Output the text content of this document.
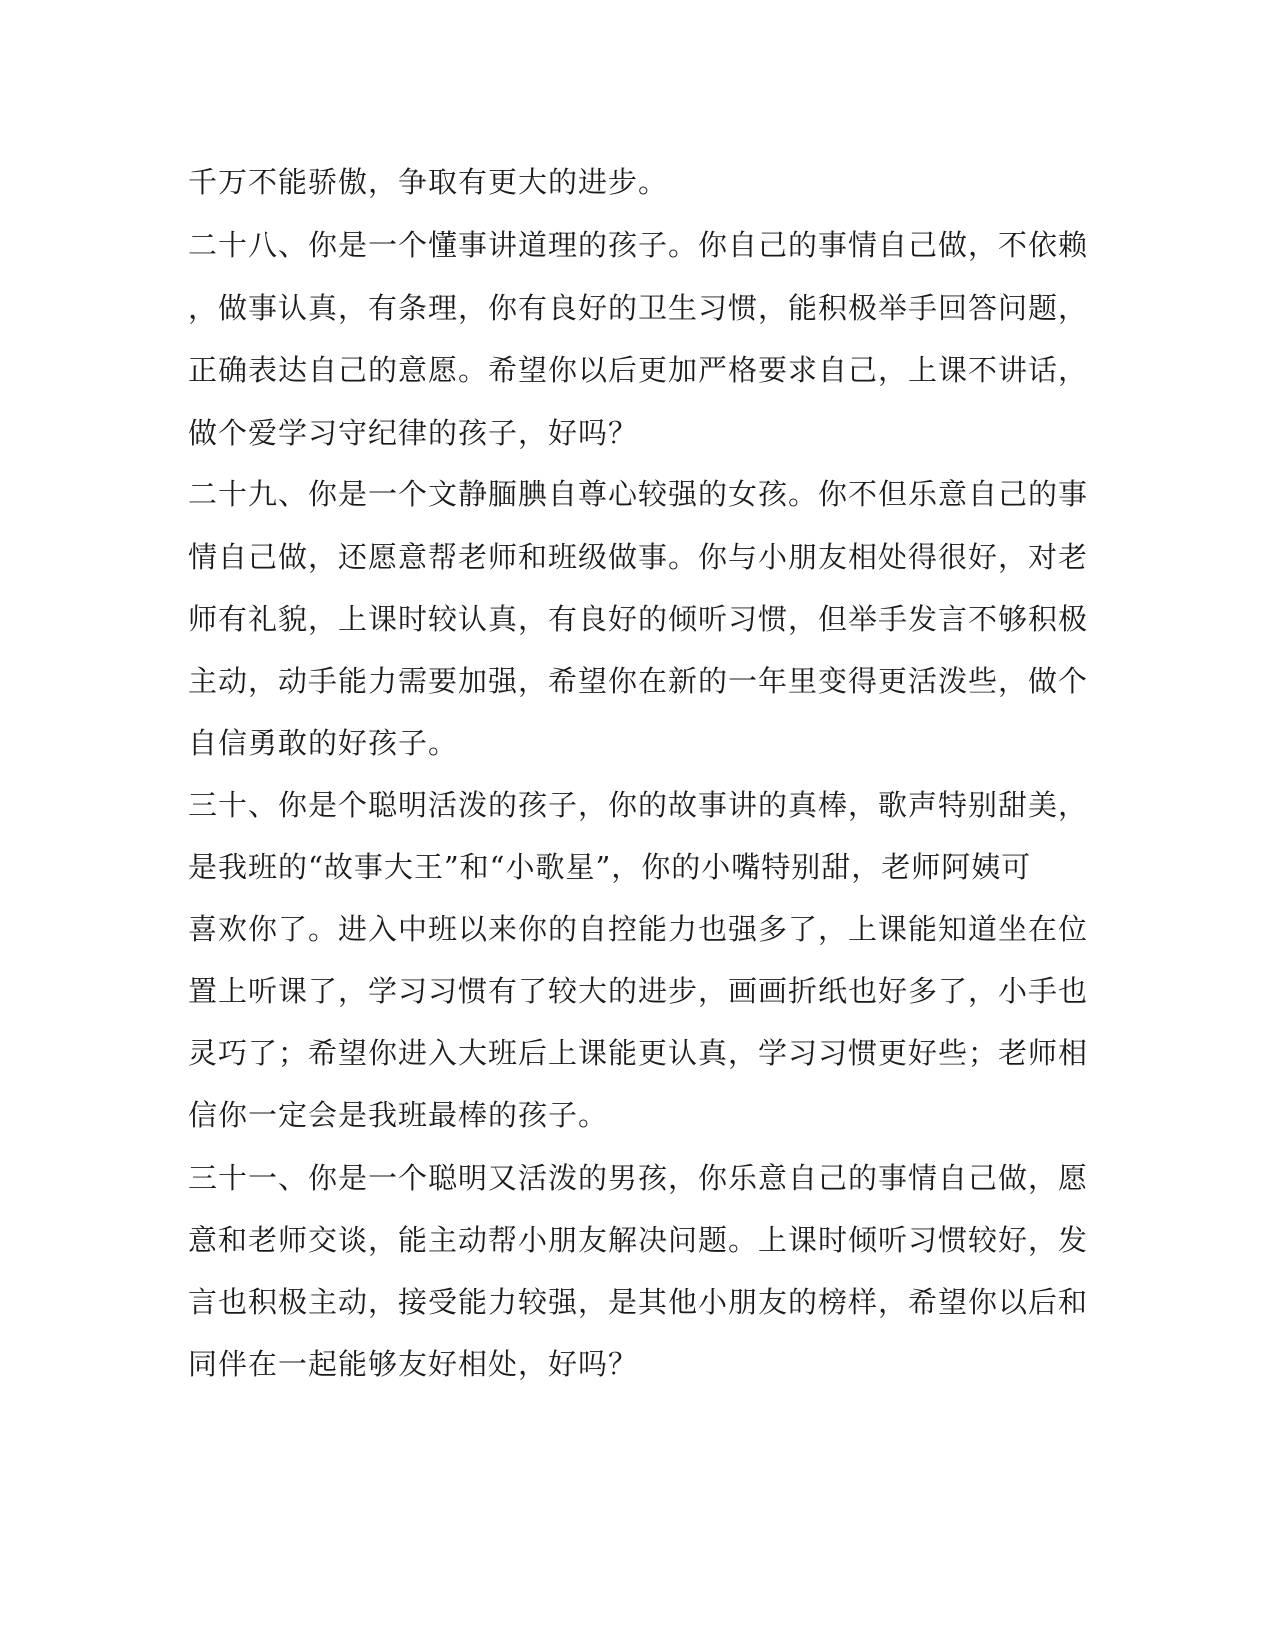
千万不能骄傲，争取有更大的进步。

二十八、你是一个懂事讲道理的孩子。你自己的事情自己做，不依赖

，做事认真，有条理，你有良好的卫生习惯，能积极举手回答问题，

正确表达自己的意愿。希望你以后更加严格要求自己，上课不讲话，

做个爱学习守纪律的孩子，好吗？

二十九、你是一个文静腼腆自尊心较强的女孩。你不但乐意自己的事

情自己做，还愿意帮老师和班级做事。你与小朋友相处得很好，对老

师有礼貌，上课时较认真，有良好的倾听习惯，但举手发言不够积极

主动，动手能力需要加强，希望你在新的一年里变得更活泼些，做个

自信勇敢的好孩子。

三十、你是个聪明活泼的孩子，你的故事讲的真棒，歌声特别甜美，

是我班的“故事大王”和“小歌星”，你的小嘴特别甜，老师阿姨可

喜欢你了。进入中班以来你的自控能力也强多了，上课能知道坐在位

置上听课了，学习习惯有了较大的进步，画画折纸也好多了，小手也

灵巧了；希望你进入大班后上课能更认真，学习习惯更好些；老师相

信你一定会是我班最棒的孩子。

三十一、你是一个聪明又活泼的男孩，你乐意自己的事情自己做，愿

意和老师交谈，能主动帮小朋友解决问题。上课时倾听习惯较好，发

言也积极主动，接受能力较强，是其他小朋友的榜样，希望你以后和

同伴在一起能够友好相处，好吗？
